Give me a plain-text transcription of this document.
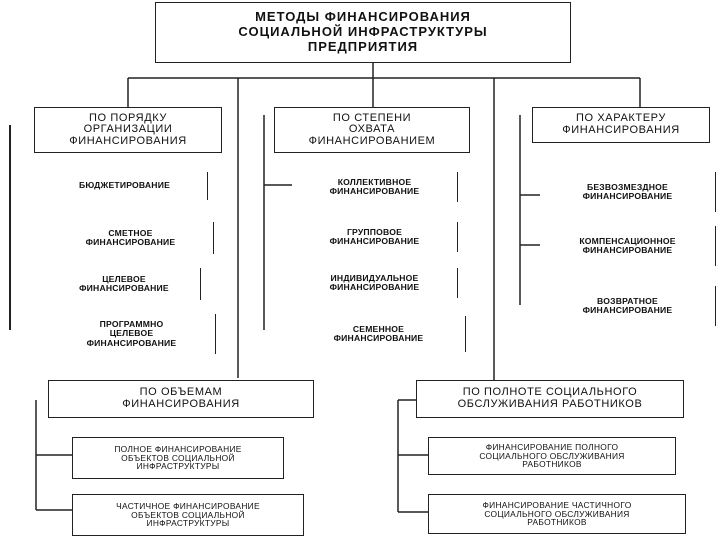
МЕТОДЫ ФИНАНСИРОВАНИЯ
СОЦИАЛЬНОЙ ИНФРАСТРУКТУРЫ
ПРЕДПРИЯТИЯ
ПО ПОРЯДКУ
ОРГАНИЗАЦИИ
ФИНАНСИРОВАНИЯ
ПО СТЕПЕНИ
ОХВАТА
ФИНАНСИРОВАНИЕМ
ПО ХАРАКТЕРУ
ФИНАНСИРОВАНИЯ
ПО ОБЪЕМАМ
ФИНАНСИРОВАНИЯ
ПО ПОЛНОТЕ СОЦИАЛЬНОГО
ОБСЛУЖИВАНИЯ РАБОТНИКОВ
БЮДЖЕТИРОВАНИЕ
СМЕТНОЕ
ФИНАНСИРОВАНИЕ
ЦЕЛЕВОЕ
ФИНАНСИРОВАНИЕ
ПРОГРАММНО
ЦЕЛЕВОЕ
ФИНАНСИРОВАНИЕ
КОЛЛЕКТИВНОЕ
ФИНАНСИРОВАНИЕ
ГРУППОВОЕ
ФИНАНСИРОВАНИЕ
ИНДИВИДУАЛЬНОЕ
ФИНАНСИРОВАНИЕ
СЕМЕННОЕ
ФИНАНСИРОВАНИЕ
БЕЗВОЗМЕЗДНОЕ
ФИНАНСИРОВАНИЕ
КОМПЕНСАЦИОННОЕ
ФИНАНСИРОВАНИЕ
ВОЗВРАТНОЕ
ФИНАНСИРОВАНИЕ
ПОЛНОЕ ФИНАНСИРОВАНИЕ
ОБЪЕКТОВ СОЦИАЛЬНОЙ
ИНФРАСТРУКТУРЫ
ЧАСТИЧНОЕ ФИНАНСИРОВАНИЕ
ОБЪЕКТОВ СОЦИАЛЬНОЙ
ИНФРАСТРУКТУРЫ
ФИНАНСИРОВАНИЕ ПОЛНОГО
СОЦИАЛЬНОГО ОБСЛУЖИВАНИЯ
РАБОТНИКОВ
ФИНАНСИРОВАНИЕ ЧАСТИЧНОГО
СОЦИАЛЬНОГО ОБСЛУЖИВАНИЯ
РАБОТНИКОВ
